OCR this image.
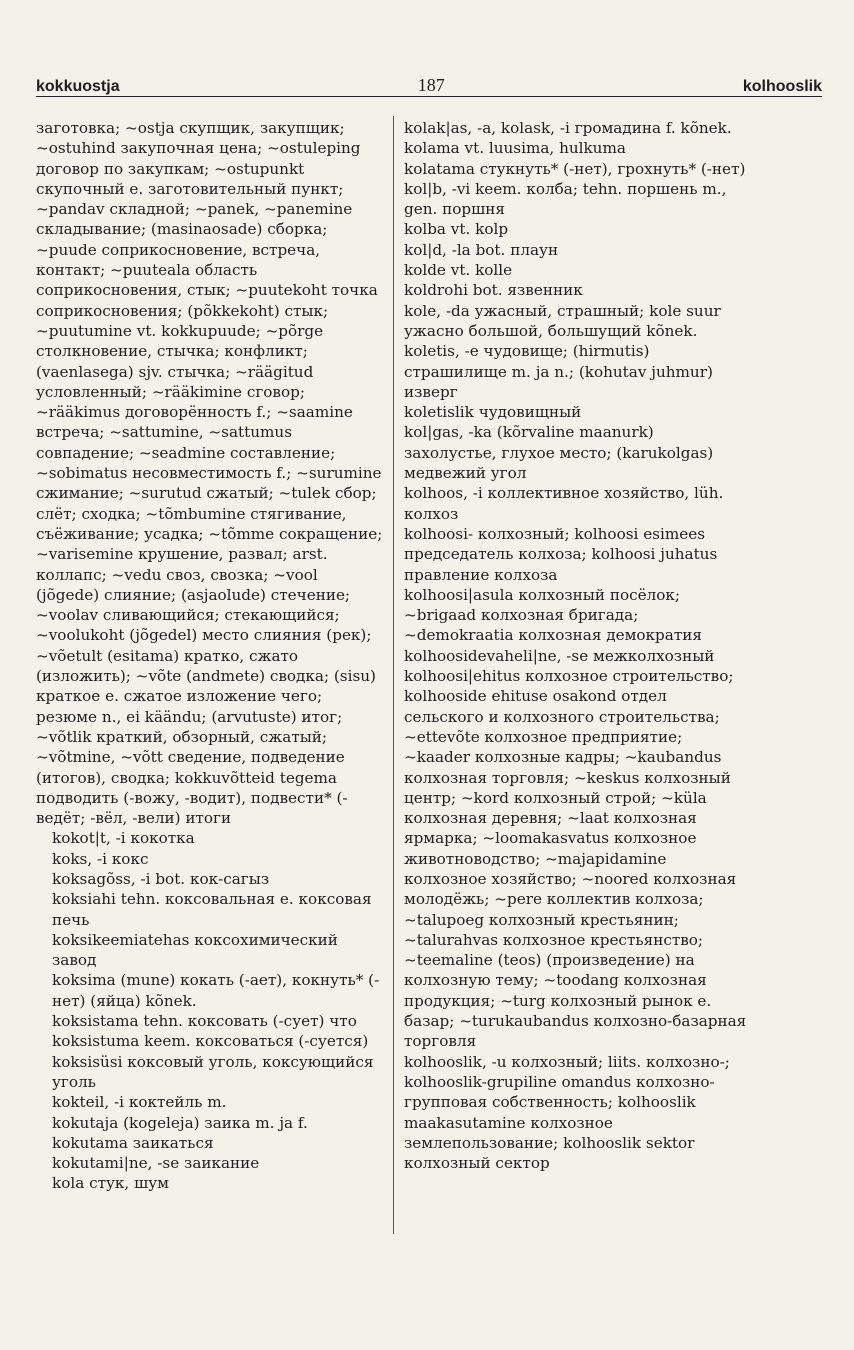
kokkuostja	187	kolhooslik

заготовка; ~ostja скупщик, закупщик; ~ostuhind закупочная цена; ~ostuleping договор по закупкам; ~ostupunkt скупочный е. заготовительный пункт; ~pandav складной; ~panek, ~panemine складывание; (masinaosade) сборка; ~puude соприкосновение, встреча, контакт; ~puuteala область соприкосновения, стык; ~puutekoht точка соприкосновения; (põkkekoht) стык; ~puutumine vt. kokkupuude; ~põrge столкновение, стычка; конфликт; (vaenlasega) sjv. стычка; ~räägitud условленный; ~rääkimine сговор; ~rääkimus договорённость f.; ~saamine встреча; ~sattumine, ~sattumus совпадение; ~seadmine составление; ~sobimatus несовместимость f.; ~surumine сжимание; ~surutud сжатый; ~tulek сбор; слёт; сходка; ~tõmbumine стягивание, съёживание; усадка; ~tõmme сокращение; ~varisemine крушение, развал; arst. коллапс; ~vedu своз, свозка; ~vool (jõgede) слияние; (asjaolude) стечение; ~voolav сливающийся; стекающийся; ~voolukoht (jõgedel) место слияния (рек); ~võetult (esitama) кратко, сжато (изложить); ~võte (andmete) сводка; (sisu) краткое е. сжатое изложение чего; резюме n., ei käändu; (arvutuste) итог; ~võtlik краткий, обзорный, сжатый; ~võtmine, ~võtt сведение, подведение (итогов), сводка; kokkuvõtteid tegema подводить (-вожу, -водит), подвести* (-ведёт; -вёл, -вели) итоги

kokot|t, -i кокотка

koks, -i кокс

koksagõss, -i bot. кок-сагыз

koksiahi tehn. коксовальная е. коксовая печь

koksikeemiatehas коксохимический завод

koksima (mune) кокать (-ает), кокнуть* (-нет) (яйца) kõnek.

koksistama tehn. коксовать (-сует) что

koksistuma keem. коксоваться (-суется)

koksisüsi коксовый уголь, коксующийся уголь

kokteil, -i коктейль m.

kokutaja (kogeleja) заика m. ja f.

kokutama заикаться

kokutami|ne, -se заикание

kola стук, шум

kolak|as, -a, kolask, -i громадина f. kõnek.

kolama vt. luusima, hulkuma

kolatama стукнуть* (-нет), грохнуть* (-нет)

kol|b, -vi keem. колба; tehn. поршень m., gen. поршня

kolba vt. kolp

kol|d, -la bot. плаун

kolde vt. kolle

koldrohi bot. язвенник

kole, -da ужасный, страшный; kole suur ужасно большой, большущий kõnek.

koletis, -e чудовище; (hirmutis) страшилище m. ja n.; (kohutav juhmur) изверг

koletislik чудовищный

kol|gas, -ka (kõrvaline maanurk) захолустье, глухое место; (karukolgas) медвежий угол

kolhoos, -i коллективное хозяйство, lüh. колхоз

kolhoosi- колхозный; kolhoosi esimees председатель колхоза; kolhoosi juhatus правление колхоза

kolhoosi|asula колхозный посёлок; ~brigaad колхозная бригада; ~demokraatia колхозная демократия

kolhoosidevaheli|ne, -se межколхозный

kolhoosi|ehitus колхозное строительство; kolhooside ehituse osakond отдел сельского и колхозного строительства; ~ettevõte колхозное предприятие; ~kaader колхозные кадры; ~kaubandus колхозная торговля; ~keskus колхозный центр; ~kord колхозный строй; ~küla колхозная деревня; ~laat колхозная ярмарка; ~loomakasvatus колхозное животноводство; ~majapidamine колхозное хозяйство; ~noored колхозная молодёжь; ~pere коллектив колхоза; ~talupoeg колхозный крестьянин; ~talurahvas колхозное крестьянство; ~teemaline (teos) (произведение) на колхозную тему; ~toodang колхозная продукция; ~turg колхозный рынок е. базар; ~turukaubandus колхозно-базарная торговля

kolhooslik, -u колхозный; liits. колхозно-; kolhooslik-grupiline omandus колхозно-групповая собственность; kolhooslik maakasutamine колхозное землепользование; kolhooslik sektor колхозный сектор
